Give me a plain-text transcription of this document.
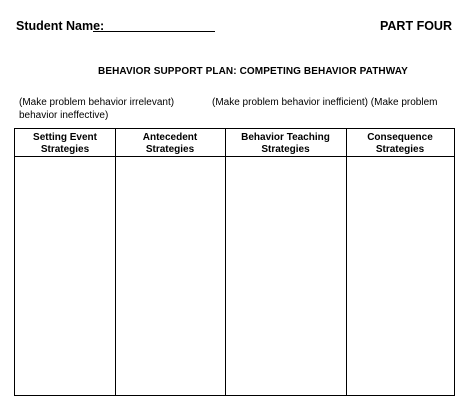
Student Name:	PART FOUR
BEHAVIOR SUPPORT PLAN: COMPETING BEHAVIOR PATHWAY
(Make problem behavior irrelevant)	(Make problem behavior inefficient) (Make problem
behavior ineffective)
Setting Event
Strategies
Antecedent
Strategies
Behavior Teaching
Strategies
Consequence
Strategies
